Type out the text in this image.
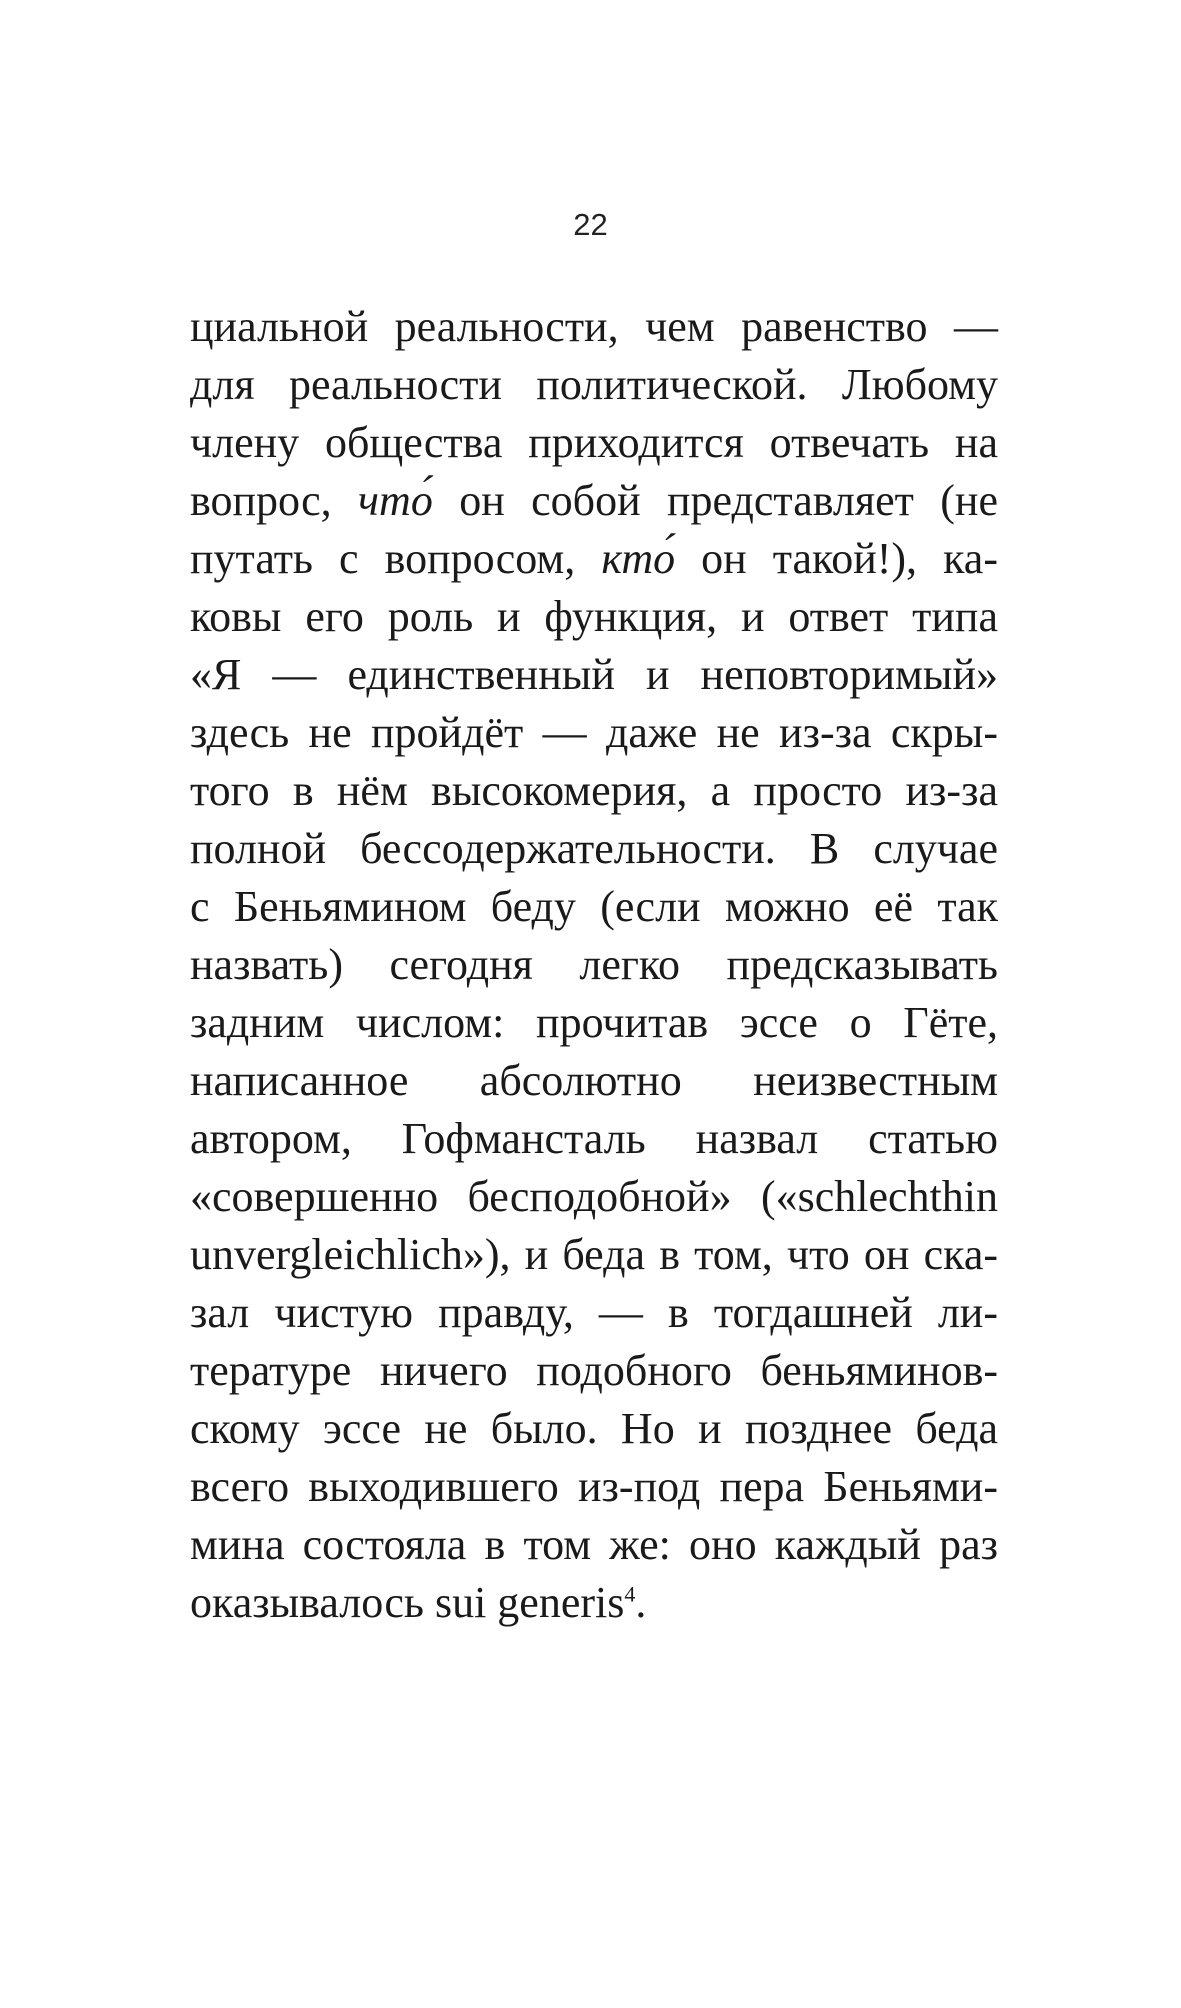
22
циальной реальности, чем равенство —
для реальности политической. Любому
члену общества приходится отвечать на
вопрос, что́ он собой представляет (не
путать с вопросом, кто́ он такой!), ка-
ковы его роль и функция, и ответ типа
«Я — единственный и неповторимый»
здесь не пройдёт — даже не из-за скры-
того в нём высокомерия, а просто из-за
полной бессодержательности. В случае
с Беньямином беду (если можно её так
назвать) сегодня легко предсказывать
задним числом: прочитав эссе о Гёте,
написанное абсолютно неизвестным
автором, Гофмансталь назвал статью
«совершенно бесподобной» («schlechthin
unvergleichlich»), и беда в том, что он ска-
зал чистую правду, — в тогдашней ли-
тературе ничего подобного беньяминов-
скому эссе не было. Но и позднее беда
всего выходившего из-под пера Беньями-
мина состояла в том же: оно каждый раз
оказывалось sui generis$^4$.
